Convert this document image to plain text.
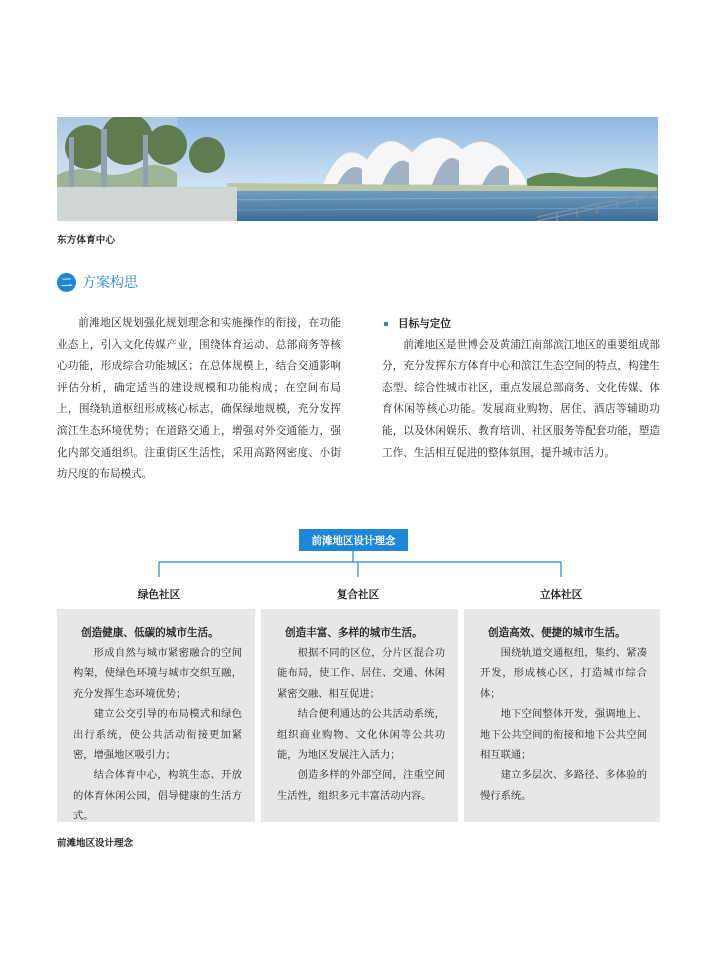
东方体育中心
二 方案构思
前滩地区规划强化规划理念和实施操作的衔接，在功能业态上，引入文化传媒产业，围绕体育运动、总部商务等核心功能，形成综合功能城区；在总体规模上，结合交通影响评估分析，确定适当的建设规模和功能构成；在空间布局上，围绕轨道枢纽形成核心标志，确保绿地规模，充分发挥滨江生态环境优势；在道路交通上，增强对外交通能力，强化内部交通组织。注重街区生活性，采用高路网密度、小街坊尺度的布局模式。
目标与定位

前滩地区是世博会及黄浦江南部滨江地区的重要组成部分，充分发挥东方体育中心和滨江生态空间的特点，构建生态型、综合性城市社区，重点发展总部商务、文化传媒、体育休闲等核心功能。发展商业购物、居住、酒店等辅助功能，以及休闲娱乐、教育培训、社区服务等配套功能，塑造工作、生活相互促进的整体氛围，提升城市活力。

前滩地区设计理念
绿色社区	复合社区	立体社区
创造健康、低碳的城市生活。

形成自然与城市紧密融合的空间构架，使绿色环境与城市交织互融，充分发挥生态环境优势；

建立公交引导的布局模式和绿色出行系统，使公共活动衔接更加紧密，增强地区吸引力；

结合体育中心，构筑生态、开放的体育休闲公园，倡导健康的生活方式。

创造丰富、多样的城市生活。

根据不同的区位，分片区混合功能布局，使工作、居住、交通、休闲紧密交融、相互促进；

结合便利通达的公共活动系统，组织商业购物、文化休闲等公共功能，为地区发展注入活力；

创造多样的外部空间，注重空间生活性，组织多元丰富活动内容。

创造高效、便捷的城市生活。

围绕轨道交通枢纽，集约、紧凑开发，形成核心区，打造城市综合体；

地下空间整体开发，强调地上、地下公共空间的衔接和地下公共空间相互联通；

建立多层次、多路径、多体验的慢行系统。

前滩地区设计理念
